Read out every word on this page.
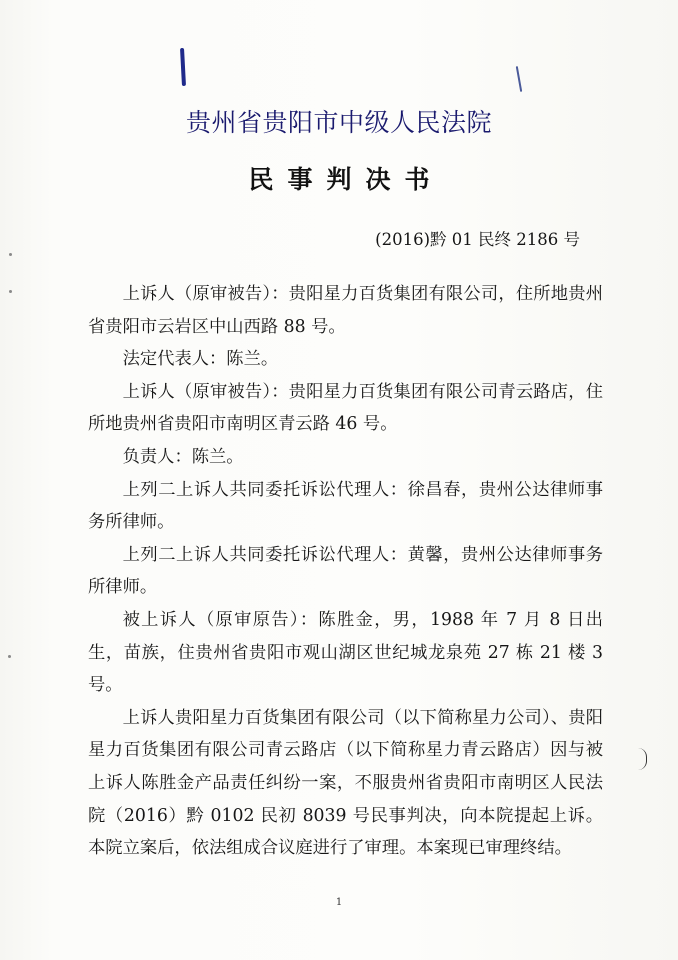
贵州省贵阳市中级人民法院
民事判决书
(2016)黔 01 民终 2186 号

上诉人（原审被告）：贵阳星力百货集团有限公司，住所地贵州省贵阳市云岩区中山西路 88 号。

法定代表人：陈兰。

上诉人（原审被告）：贵阳星力百货集团有限公司青云路店，住所地贵州省贵阳市南明区青云路 46 号。

负责人：陈兰。

上列二上诉人共同委托诉讼代理人：徐昌春，贵州公达律师事务所律师。

上列二上诉人共同委托诉讼代理人：黄馨，贵州公达律师事务所律师。

被上诉人（原审原告）：陈胜金，男，1988 年 7 月 8 日出生，苗族，住贵州省贵阳市观山湖区世纪城龙泉苑 27 栋 21 楼 3 号。

上诉人贵阳星力百货集团有限公司（以下简称星力公司）、贵阳星力百货集团有限公司青云路店（以下简称星力青云路店）因与被上诉人陈胜金产品责任纠纷一案，不服贵州省贵阳市南明区人民法院（2016）黔 0102 民初 8039 号民事判决，向本院提起上诉。本院立案后，依法组成合议庭进行了审理。本案现已审理终结。

1
